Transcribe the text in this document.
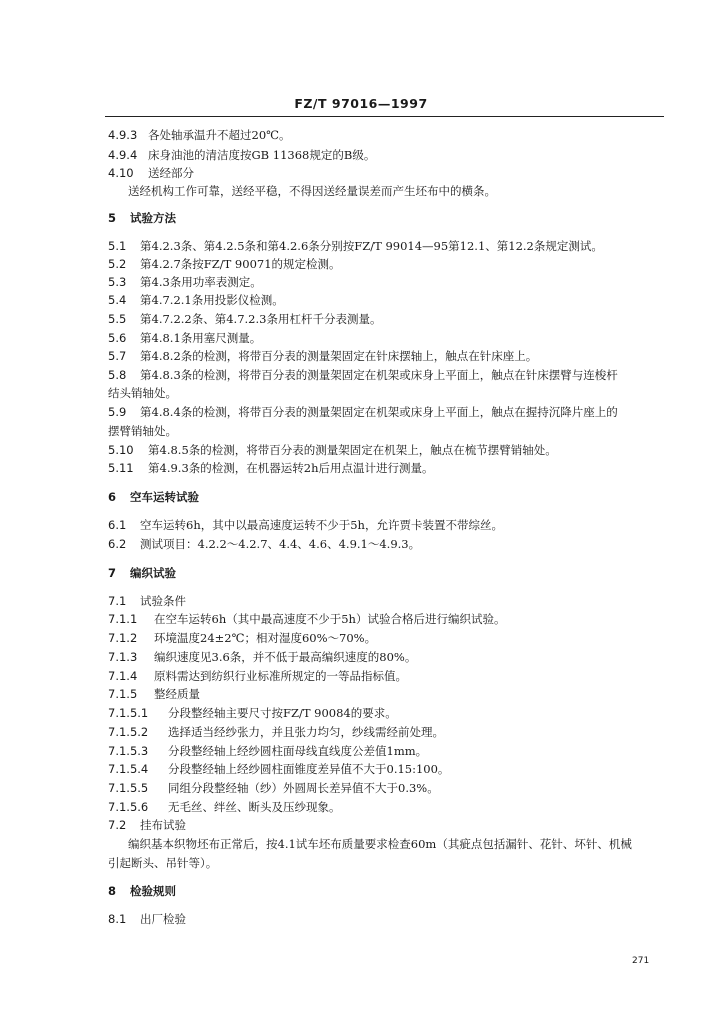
FZ/T 97016—1997
4.9.3 各处轴承温升不超过20℃。
4.9.4 床身油池的清洁度按GB 11368规定的B级。
4.10 送经部分
送经机构工作可靠，送经平稳，不得因送经量误差而产生坯布中的横条。
5 试验方法
5.1 第4.2.3条、第4.2.5条和第4.2.6条分别按FZ/T 99014—95第12.1、第12.2条规定测试。
5.2 第4.2.7条按FZ/T 90071的规定检测。
5.3 第4.3条用功率表测定。
5.4 第4.7.2.1条用投影仪检测。
5.5 第4.7.2.2条、第4.7.2.3条用杠杆千分表测量。
5.6 第4.8.1条用塞尺测量。
5.7 第4.8.2条的检测，将带百分表的测量架固定在针床摆轴上，触点在针床座上。
5.8 第4.8.3条的检测，将带百分表的测量架固定在机架或床身上平面上，触点在针床摆臂与连梭杆
结头销轴处。
5.9 第4.8.4条的检测，将带百分表的测量架固定在机架或床身上平面上，触点在握持沉降片座上的
摆臂销轴处。
5.10 第4.8.5条的检测，将带百分表的测量架固定在机架上，触点在梳节摆臂销轴处。
5.11 第4.9.3条的检测，在机器运转2h后用点温计进行测量。
6 空车运转试验
6.1 空车运转6h，其中以最高速度运转不少于5h，允许贾卡装置不带综丝。
6.2 测试项目：4.2.2～4.2.7、4.4、4.6、4.9.1～4.9.3。
7 编织试验
7.1 试验条件
7.1.1 在空车运转6h（其中最高速度不少于5h）试验合格后进行编织试验。
7.1.2 环境温度24±2℃；相对湿度60%～70%。
7.1.3 编织速度见3.6条，并不低于最高编织速度的80%。
7.1.4 原料需达到纺织行业标准所规定的一等品指标值。
7.1.5 整经质量
7.1.5.1 分段整经轴主要尺寸按FZ/T 90084的要求。
7.1.5.2 选择适当经纱张力，并且张力均匀，纱线需经前处理。
7.1.5.3 分段整经轴上经纱圆柱面母线直线度公差值1mm。
7.1.5.4 分段整经轴上经纱圆柱面锥度差异值不大于0.15:100。
7.1.5.5 同组分段整经轴（纱）外圆周长差异值不大于0.3%。
7.1.5.6 无毛丝、绊丝、断头及压纱现象。
7.2 挂布试验
编织基本织物坯布正常后，按4.1试车坯布质量要求检查60m（其疵点包括漏针、花针、坏针、机械
引起断头、吊针等）。
8 检验规则
8.1 出厂检验
271
